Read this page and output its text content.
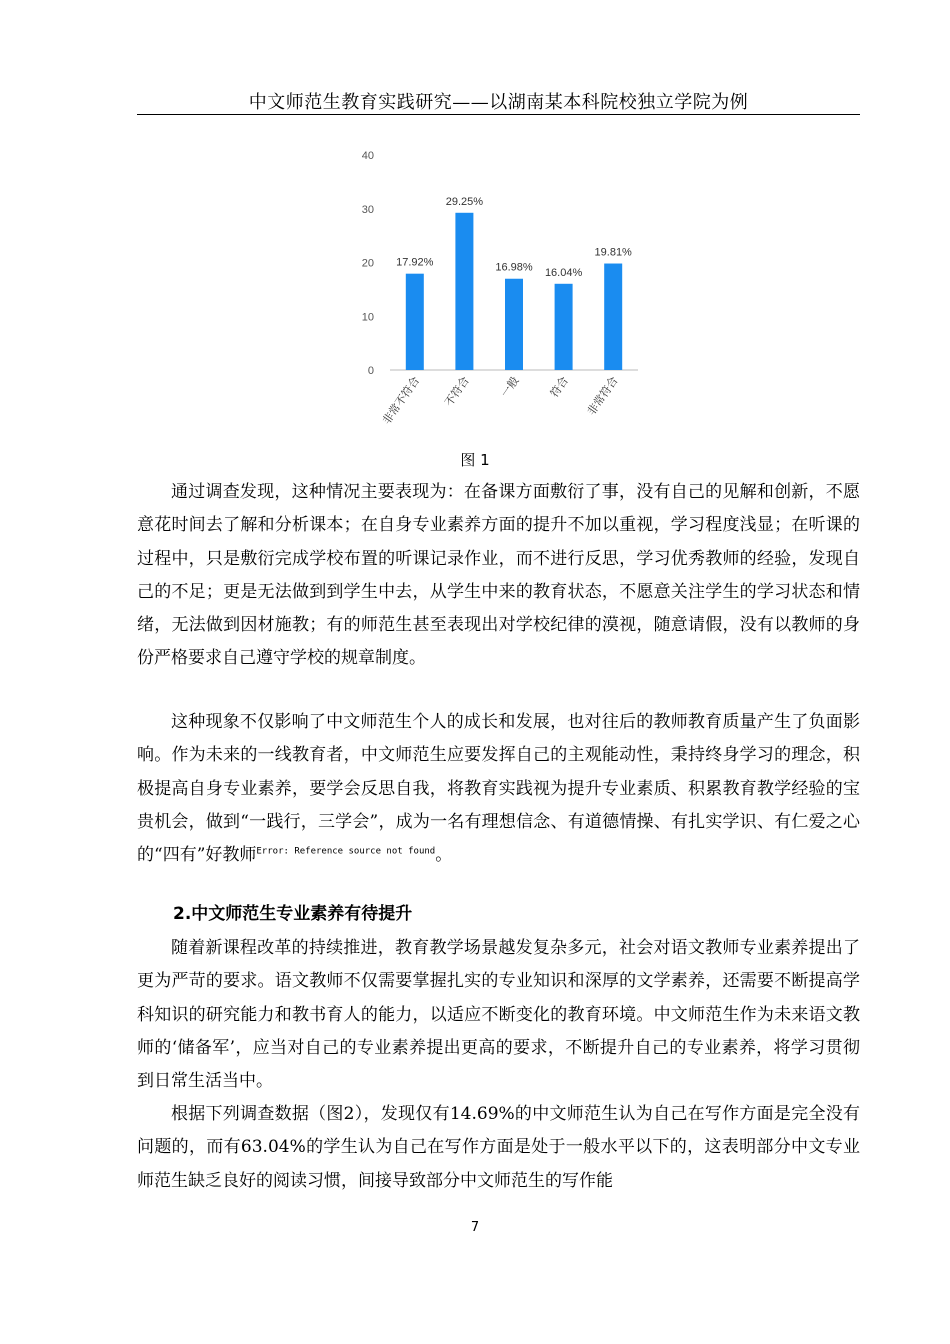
中文师范生教育实践研究——以湖南某本科院校独立学院为例
0
10
20
30
40
17.92%
非常不符合
29.25%
不符合
16.98%
一般
16.04%
符合
19.81%
非常符合
图 1

通过调查发现，这种情况主要表现为：在备课方面敷衍了事，没有自己的见解和创新，不愿意花时间去了解和分析课本；在自身专业素养方面的提升不加以重视，学习程度浅显；在听课的过程中，只是敷衍完成学校布置的听课记录作业，而不进行反思，学习优秀教师的经验，发现自己的不足；更是无法做到到学生中去，从学生中来的教育状态，不愿意关注学生的学习状态和情绪，无法做到因材施教；有的师范生甚至表现出对学校纪律的漠视，随意请假，没有以教师的身份严格要求自己遵守学校的规章制度。

这种现象不仅影响了中文师范生个人的成长和发展，也对往后的教师教育质量产生了负面影响。作为未来的一线教育者，中文师范生应要发挥自己的主观能动性，秉持终身学习的理念，积极提高自身专业素养，要学会反思自我，将教育实践视为提升专业素质、积累教育教学经验的宝贵机会，做到“一践行，三学会”，成为一名有理想信念、有道德情操、有扎实学识、有仁爱之心的“四有”好教师$^{Error: Reference source not found}$。

2.中文师范生专业素养有待提升

随着新课程改革的持续推进，教育教学场景越发复杂多元，社会对语文教师专业素养提出了更为严苛的要求。语文教师不仅需要掌握扎实的专业知识和深厚的文学素养，还需要不断提高学科知识的研究能力和教书育人的能力，以适应不断变化的教育环境。中文师范生作为未来语文教师的‘储备军’，应当对自己的专业素养提出更高的要求，不断提升自己的专业素养，将学习贯彻到日常生活当中。

根据下列调查数据（图2），发现仅有14.69%的中文师范生认为自己在写作方面是完全没有问题的，而有63.04%的学生认为自己在写作方面是处于一般水平以下的，这表明部分中文专业师范生缺乏良好的阅读习惯，间接导致部分中文师范生的写作能

7
